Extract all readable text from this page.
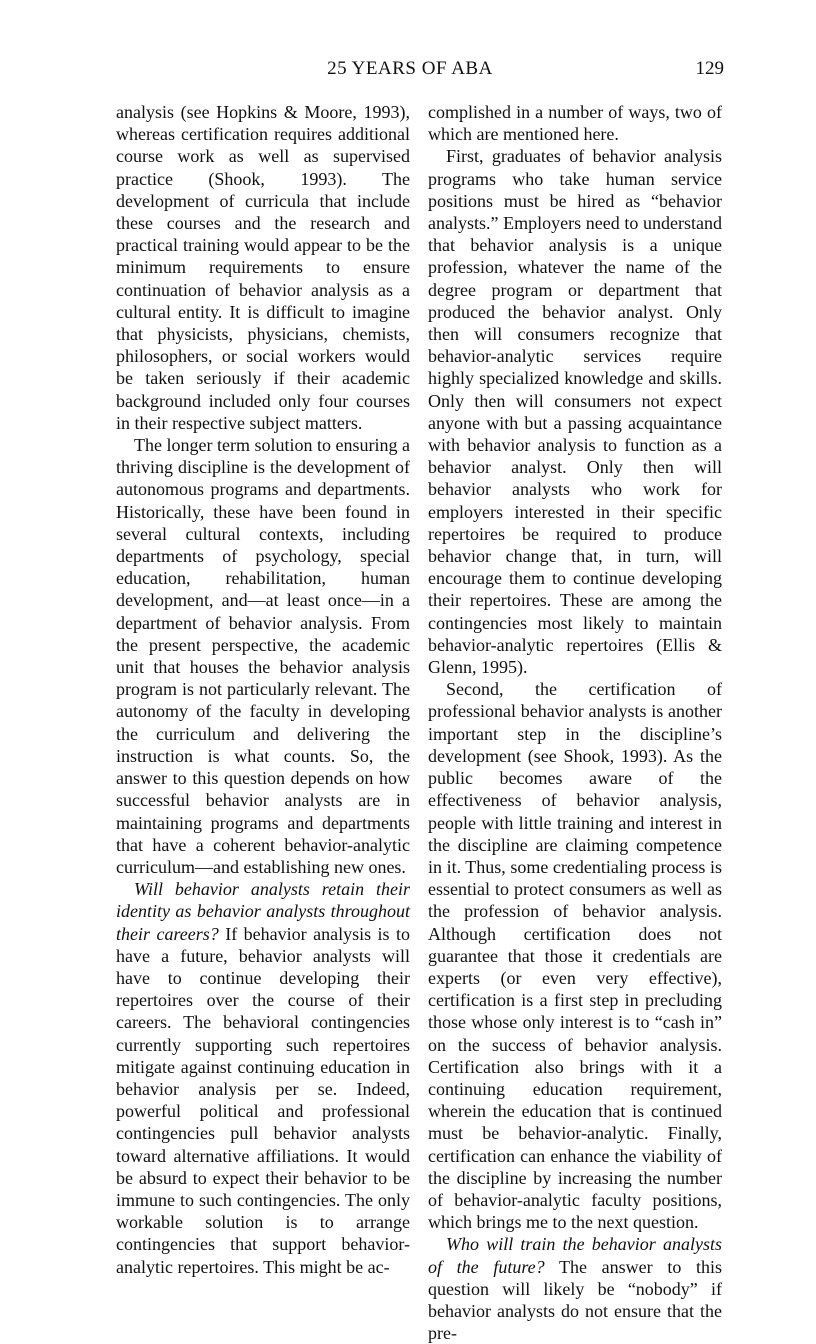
25 YEARS OF ABA	129

analysis (see Hopkins & Moore, 1993), whereas certification requires additional course work as well as supervised practice (Shook, 1993). The development of curricula that include these courses and the research and practical training would appear to be the minimum requirements to ensure continuation of behavior analysis as a cultural entity. It is difficult to imagine that physicists, physicians, chemists, philosophers, or social workers would be taken seriously if their academic background included only four courses in their respective subject matters.

The longer term solution to ensuring a thriving discipline is the development of autonomous programs and departments. Historically, these have been found in several cultural contexts, including departments of psychology, special education, rehabilitation, human development, and—at least once—in a department of behavior analysis. From the present perspective, the academic unit that houses the behavior analysis program is not particularly relevant. The autonomy of the faculty in developing the curriculum and delivering the instruction is what counts. So, the answer to this question depends on how successful behavior analysts are in maintaining programs and departments that have a coherent behavior-analytic curriculum—and establishing new ones.

Will behavior analysts retain their identity as behavior analysts throughout their careers? If behavior analysis is to have a future, behavior analysts will have to continue developing their repertoires over the course of their careers. The behavioral contingencies currently supporting such repertoires mitigate against continuing education in behavior analysis per se. Indeed, powerful political and professional contingencies pull behavior analysts toward alternative affiliations. It would be absurd to expect their behavior to be immune to such contingencies. The only workable solution is to arrange contingencies that support behavior-analytic repertoires. This might be ac-

complished in a number of ways, two of which are mentioned here.

First, graduates of behavior analysis programs who take human service positions must be hired as “behavior analysts.” Employers need to understand that behavior analysis is a unique profession, whatever the name of the degree program or department that produced the behavior analyst. Only then will consumers recognize that behavior-analytic services require highly specialized knowledge and skills. Only then will consumers not expect anyone with but a passing acquaintance with behavior analysis to function as a behavior analyst. Only then will behavior analysts who work for employers interested in their specific repertoires be required to produce behavior change that, in turn, will encourage them to continue developing their repertoires. These are among the contingencies most likely to maintain behavior-analytic repertoires (Ellis & Glenn, 1995).

Second, the certification of professional behavior analysts is another important step in the discipline’s development (see Shook, 1993). As the public becomes aware of the effectiveness of behavior analysis, people with little training and interest in the discipline are claiming competence in it. Thus, some credentialing process is essential to protect consumers as well as the profession of behavior analysis. Although certification does not guarantee that those it credentials are experts (or even very effective), certification is a first step in precluding those whose only interest is to “cash in” on the success of behavior analysis. Certification also brings with it a continuing education requirement, wherein the education that is continued must be behavior-analytic. Finally, certification can enhance the viability of the discipline by increasing the number of behavior-analytic faculty positions, which brings me to the next question.

Who will train the behavior analysts of the future? The answer to this question will likely be “nobody” if behavior analysts do not ensure that the pre-
